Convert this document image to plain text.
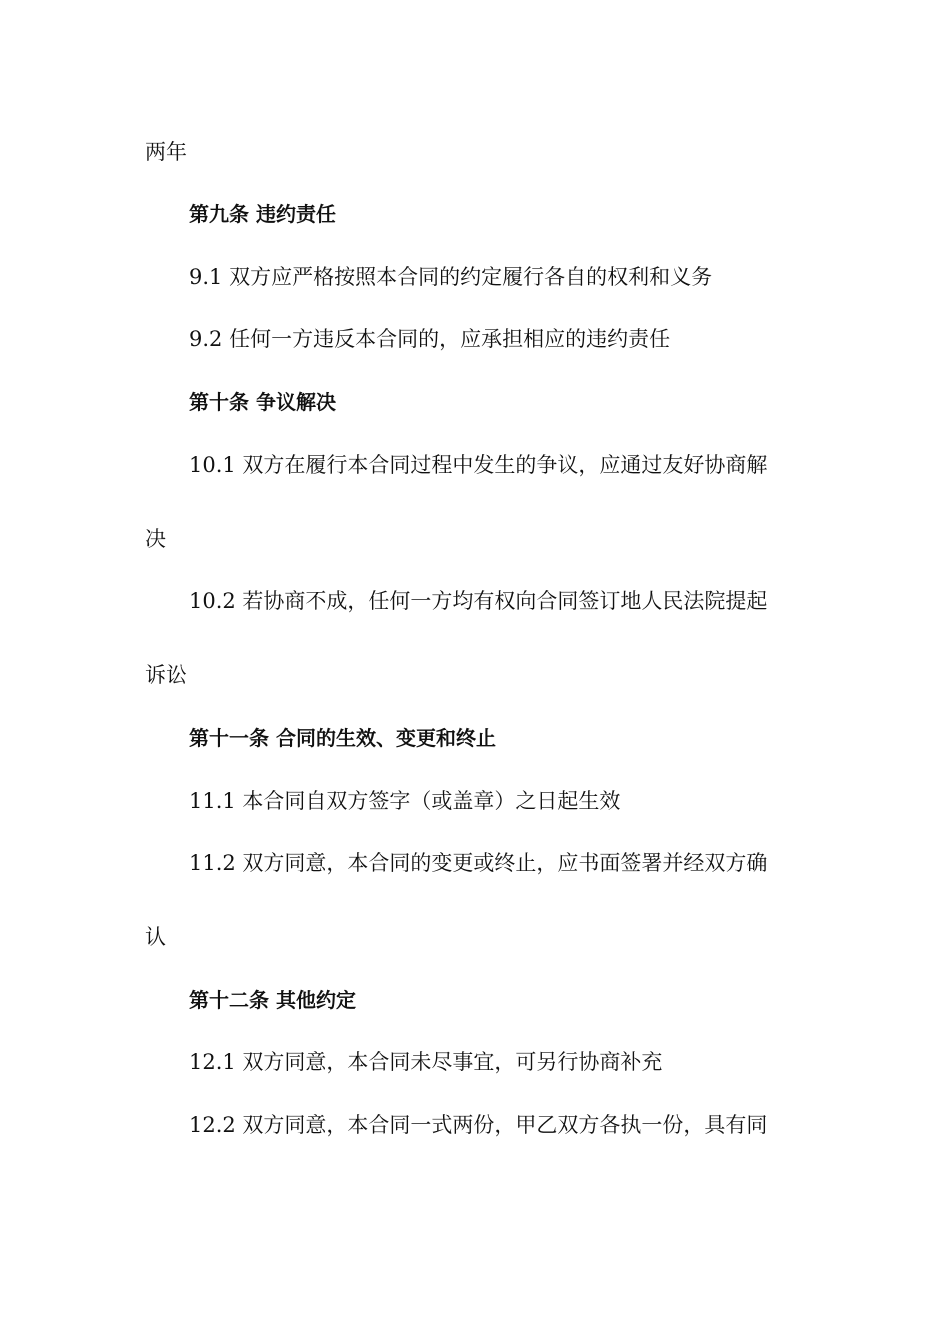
两年
第九条 违约责任
9.1 双方应严格按照本合同的约定履行各自的权利和义务
9.2 任何一方违反本合同的，应承担相应的违约责任
第十条 争议解决
10.1 双方在履行本合同过程中发生的争议，应通过友好协商解
决
10.2 若协商不成，任何一方均有权向合同签订地人民法院提起
诉讼
第十一条 合同的生效、变更和终止
11.1 本合同自双方签字（或盖章）之日起生效
11.2 双方同意，本合同的变更或终止，应书面签署并经双方确
认
第十二条 其他约定
12.1 双方同意，本合同未尽事宜，可另行协商补充
12.2 双方同意，本合同一式两份，甲乙双方各执一份，具有同
